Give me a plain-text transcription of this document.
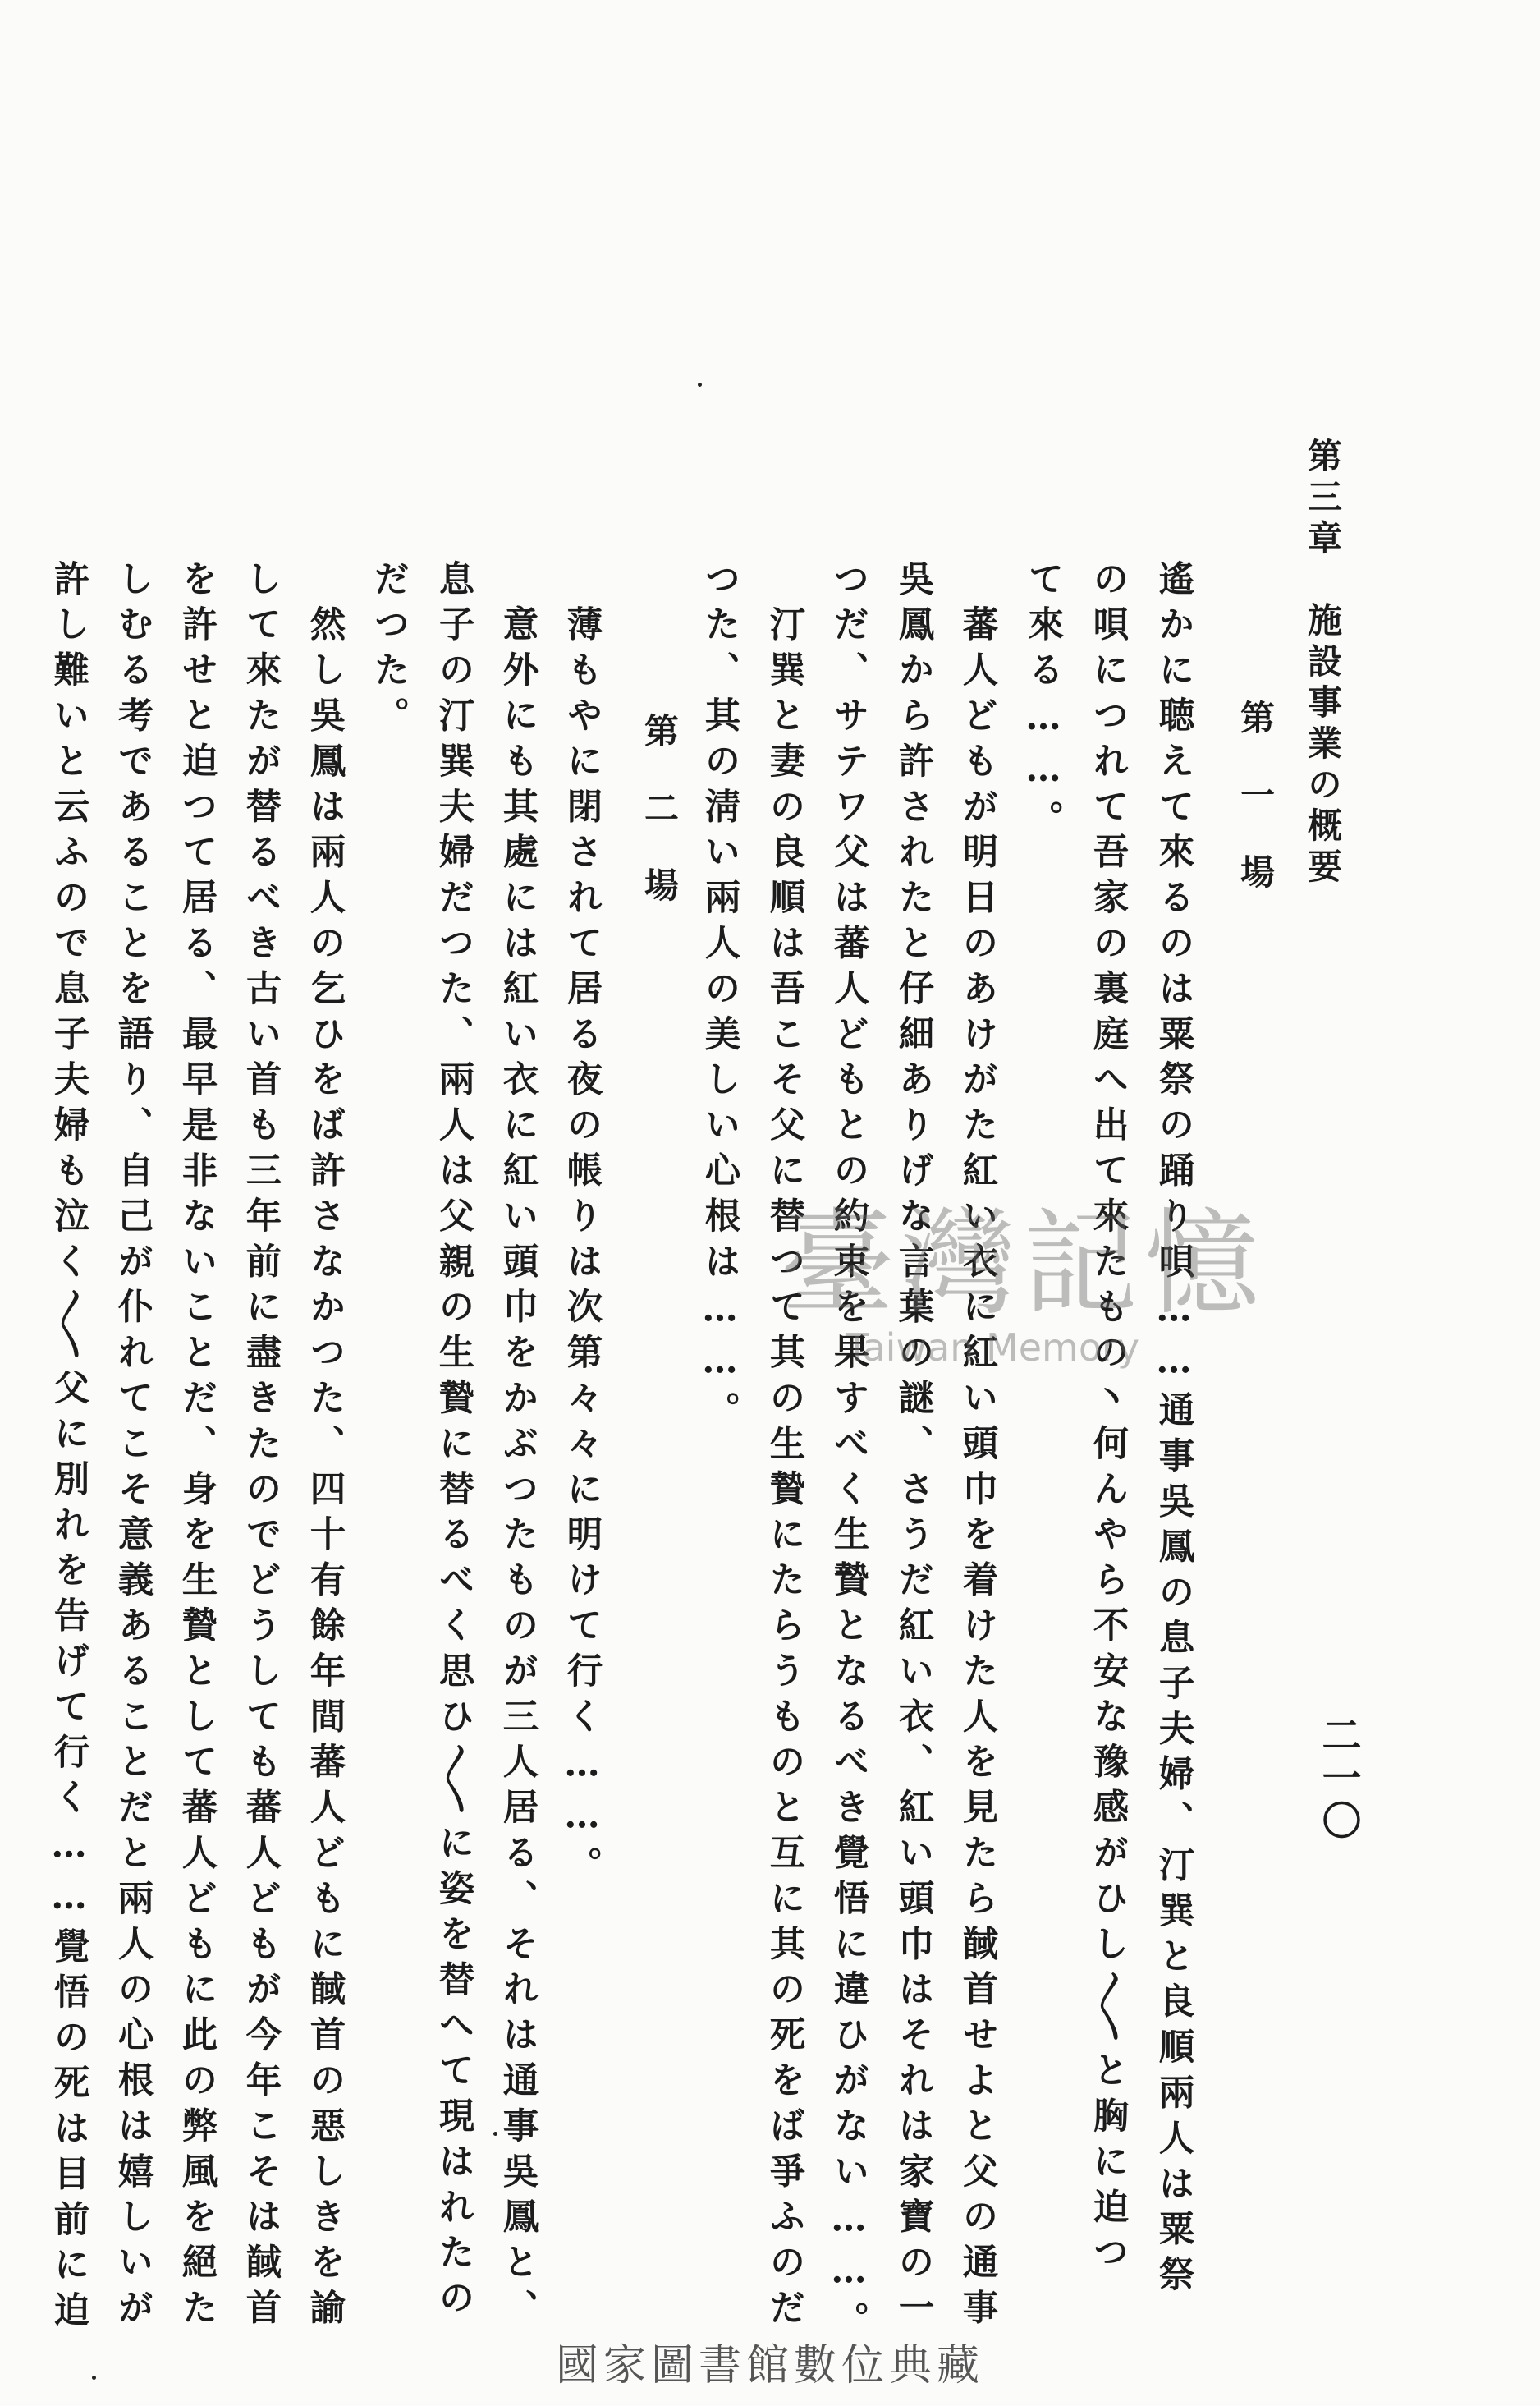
第三章　施設事業の概要
二一〇
第一場
遙かに聴えて來るのは粟祭の踊り唄……通事吳鳳の息子夫婦、汀巽と良順兩人は粟祭
の唄につれて吾家の裏庭へ出て來たもの丶何んやら不安な豫感がひし〳〵と胸に迫つ
て來る……。
　蕃人どもが明日のあけがた紅い衣に紅い頭巾を着けた人を見たら馘首せよと父の通事
吳鳳から許されたと仔細ありげな言葉の謎、さうだ紅い衣、紅い頭巾はそれは家寶の一
つだ、サテワ父は蕃人どもとの約束を果すべく生贄となるべき覺悟に違ひがない……。
　汀巽と妻の良順は吾こそ父に替つて其の生贄にたらうものと互に其の死をば爭ふのだ
つた、其の淸い兩人の美しい心根は……。
第二場
　薄もやに閉されて居る夜の帳りは次第々々に明けて行く……。
　意外にも其處には紅い衣に紅い頭巾をかぶつたものが三人居る、それは通事吳鳳と、
息子の汀巽夫婦だつた、兩人は父親の生贄に替るべく思ひ〳〵に姿を替へて現はれたの
だつた。
　然し吳鳳は兩人の乞ひをば許さなかつた、四十有餘年間蕃人どもに馘首の惡しきを諭
して來たが替るべき古い首も三年前に盡きたのでどうしても蕃人どもが今年こそは馘首
を許せと迫つて居る、最早是非ないことだ、身を生贄として蕃人どもに此の弊風を絕た
しむる考であることを語り、自己が仆れてこそ意義あることだと兩人の心根は嬉しいが
許し難いと云ふので息子夫婦も泣く〳〵父に別れを告げて行く……覺悟の死は目前に迫	臺灣記憶
Taiwan Memory
國家圖書館數位典藏
